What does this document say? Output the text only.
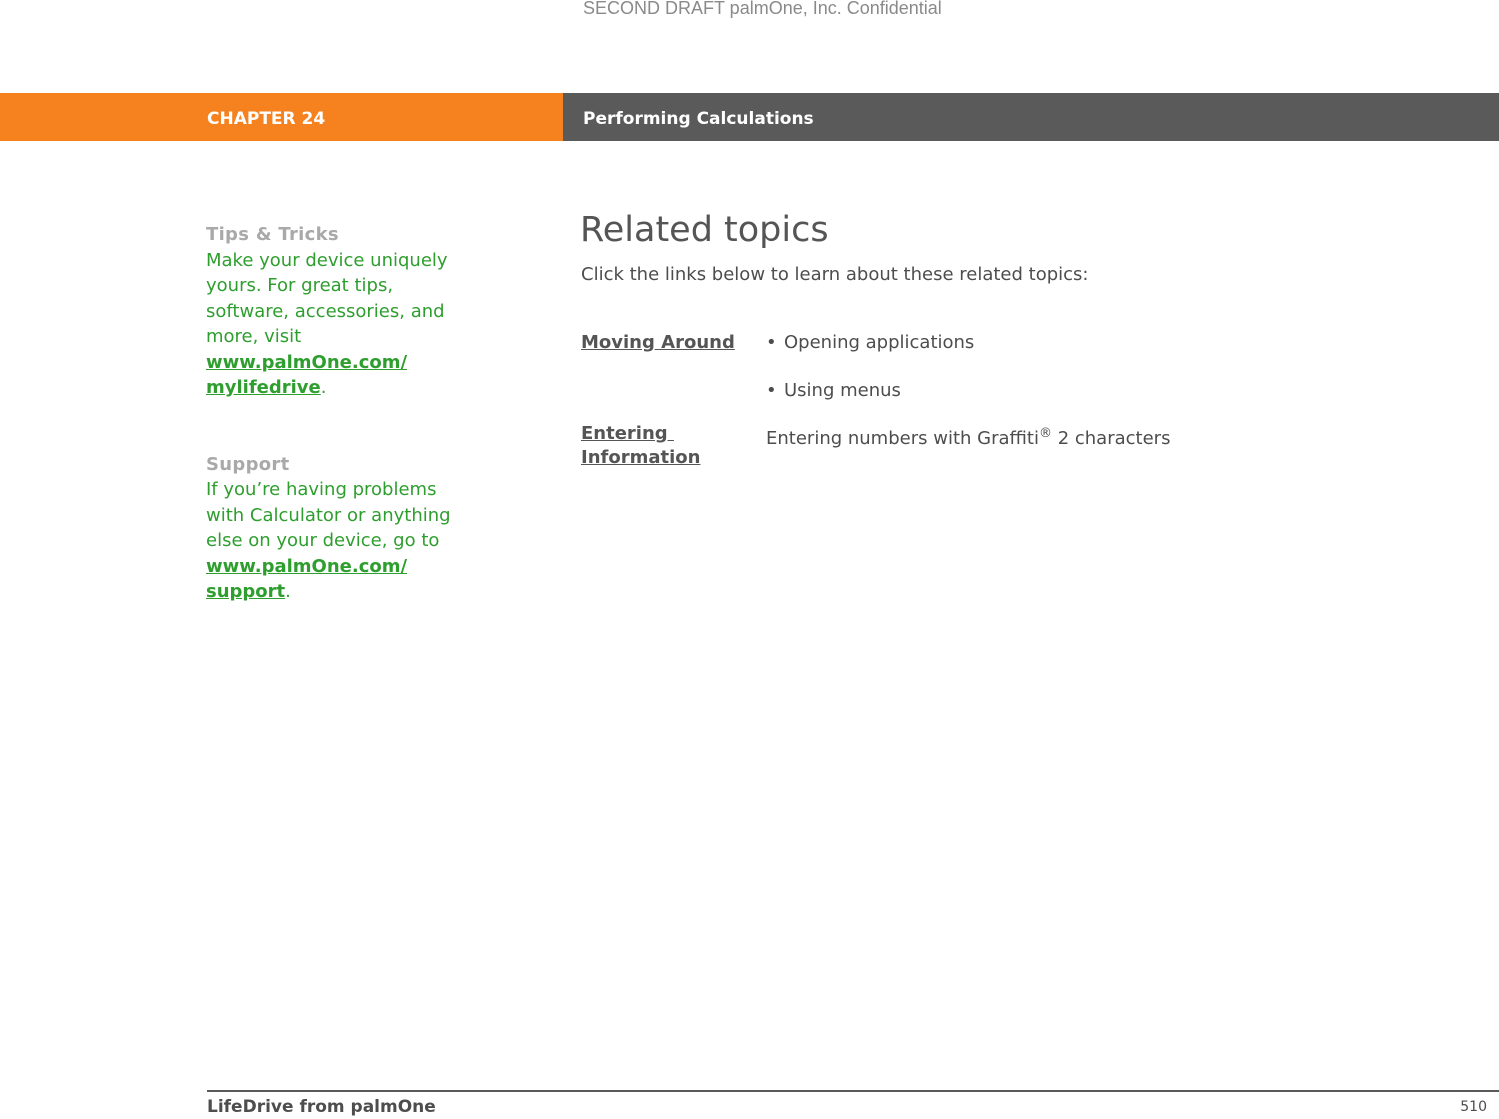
SECOND DRAFT palmOne, Inc. Confidential
CHAPTER 24	Performing Calculations
Tips & Tricks
Make your device uniquely yours. For great tips, software, accessories, and more, visit
www.palmOne.com/
mylifedrive.
Support
If you’re having problems with Calculator or anything else on your device, go to
www.palmOne.com/
support.
Related topics
Click the links below to learn about these related topics:
Moving Around • Opening applications
• Using menus
Entering
Information
Entering numbers with Graffiti® 2 characters
LifeDrive from palmOne	510
